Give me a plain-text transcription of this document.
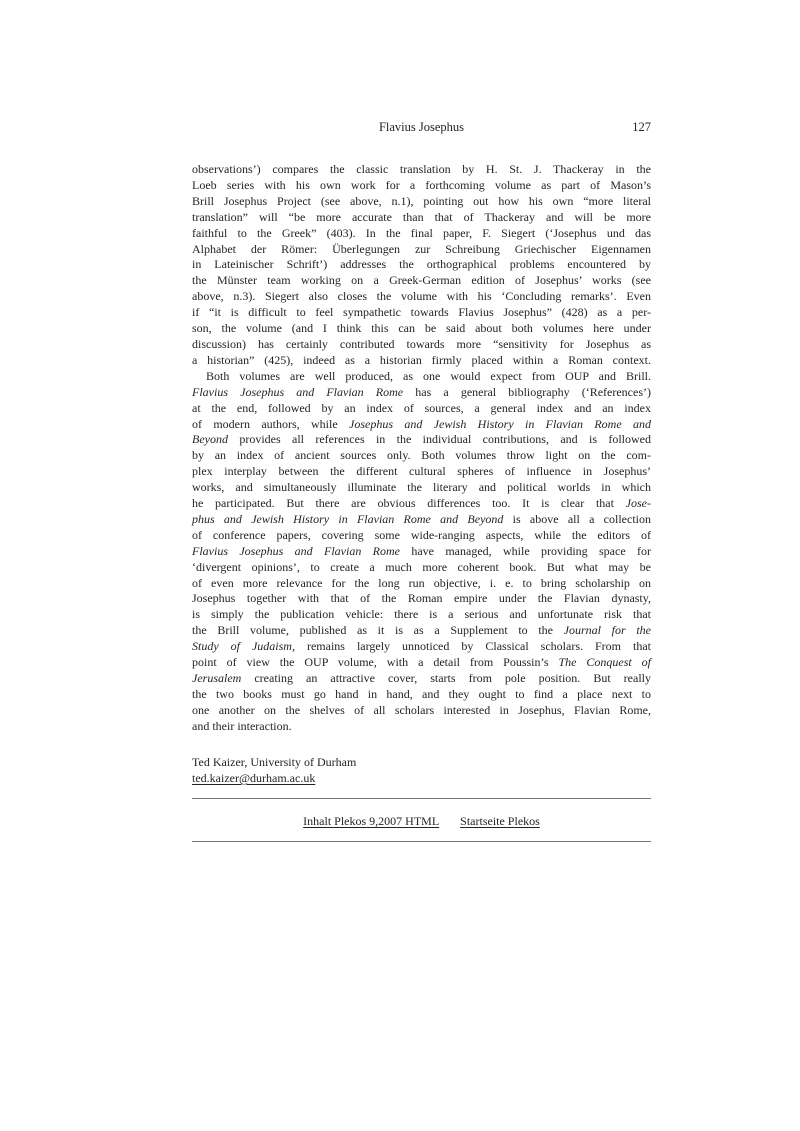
Flavius Josephus	127
observations’) compares the classic translation by H. St. J. Thackeray in the
Loeb series with his own work for a forthcoming volume as part of Mason’s
Brill Josephus Project (see above, n.1), pointing out how his own “more literal
translation” will “be more accurate than that of Thackeray and will be more
faithful to the Greek” (403). In the final paper, F. Siegert (‘Josephus und das
Alphabet der Römer: Überlegungen zur Schreibung Griechischer Eigennamen
in Lateinischer Schrift’) addresses the orthographical problems encountered by
the Münster team working on a Greek-German edition of Josephus’ works (see
above, n.3). Siegert also closes the volume with his ‘Concluding remarks’. Even
if “it is difficult to feel sympathetic towards Flavius Josephus” (428) as a per-
son, the volume (and I think this can be said about both volumes here under
discussion) has certainly contributed towards more “sensitivity for Josephus as
a historian” (425), indeed as a historian firmly placed within a Roman context.
Both volumes are well produced, as one would expect from OUP and Brill.
Flavius Josephus and Flavian Rome has a general bibliography (‘References’)
at the end, followed by an index of sources, a general index and an index
of modern authors, while Josephus and Jewish History in Flavian Rome and
Beyond provides all references in the individual contributions, and is followed
by an index of ancient sources only. Both volumes throw light on the com-
plex interplay between the different cultural spheres of influence in Josephus’
works, and simultaneously illuminate the literary and political worlds in which
he participated. But there are obvious differences too. It is clear that Jose-
phus and Jewish History in Flavian Rome and Beyond is above all a collection
of conference papers, covering some wide-ranging aspects, while the editors of
Flavius Josephus and Flavian Rome have managed, while providing space for
‘divergent opinions’, to create a much more coherent book. But what may be
of even more relevance for the long run objective, i. e. to bring scholarship on
Josephus together with that of the Roman empire under the Flavian dynasty,
is simply the publication vehicle: there is a serious and unfortunate risk that
the Brill volume, published as it is as a Supplement to the Journal for the
Study of Judaism, remains largely unnoticed by Classical scholars. From that
point of view the OUP volume, with a detail from Poussin’s The Conquest of
Jerusalem creating an attractive cover, starts from pole position. But really
the two books must go hand in hand, and they ought to find a place next to
one another on the shelves of all scholars interested in Josephus, Flavian Rome,
and their interaction.
Ted Kaizer, University of Durham
ted.kaizer@durham.ac.uk
Inhalt Plekos 9,2007 HTML Startseite Plekos
